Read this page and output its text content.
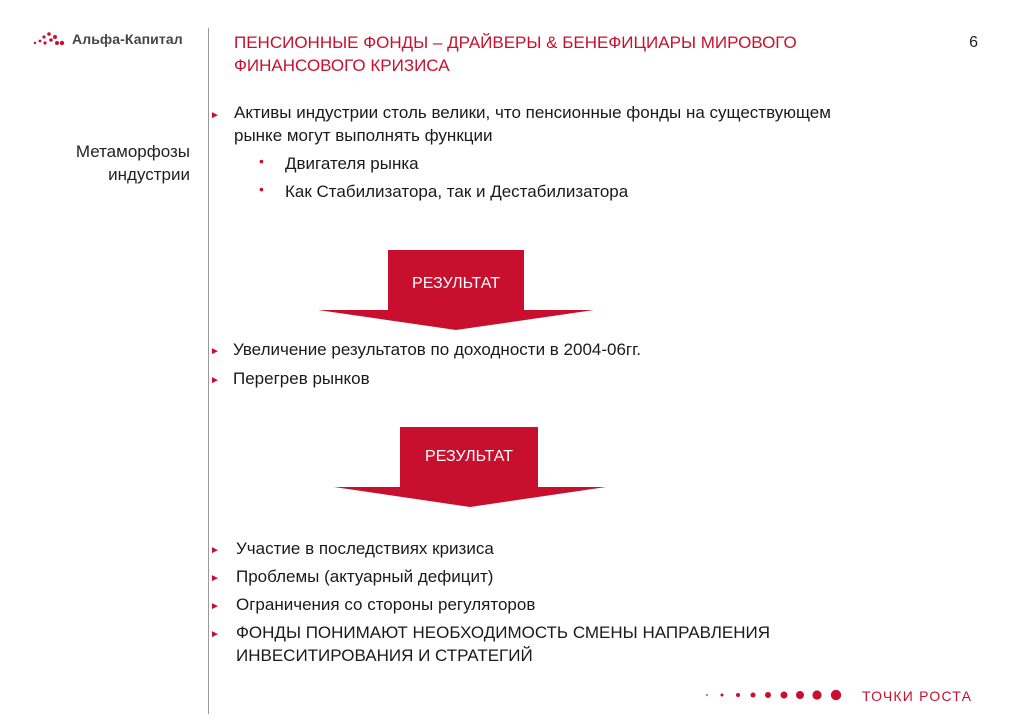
Альфа-Капитал	ПЕНСИОННЫЕ ФОНДЫ – ДРАЙВЕРЫ & БЕНЕФИЦИАРЫ МИРОВОГО ФИНАНСОВОГО КРИЗИСА
6
Метаморфозы
индустрии
► Активы индустрии столь велики, что пенсионные фонды на существующем
рынке могут выполнять функции
• Двигателя рынка
• Как Стабилизатора, так и Дестабилизатора
РЕЗУЛЬТАТ
► Увеличение результатов по доходности в 2004-06гг.
► Перегрев рынков
РЕЗУЛЬТАТ
► Участие в последствиях кризиса
► Проблемы (актуарный дефицит)
► Ограничения со стороны регуляторов
► ФОНДЫ ПОНИМАЮТ НЕОБХОДИМОСТЬ СМЕНЫ НАПРАВЛЕНИЯ
ИНВЕСИТИРОВАНИЯ И СТРАТЕГИЙ
ТОЧКИ РОСТА
